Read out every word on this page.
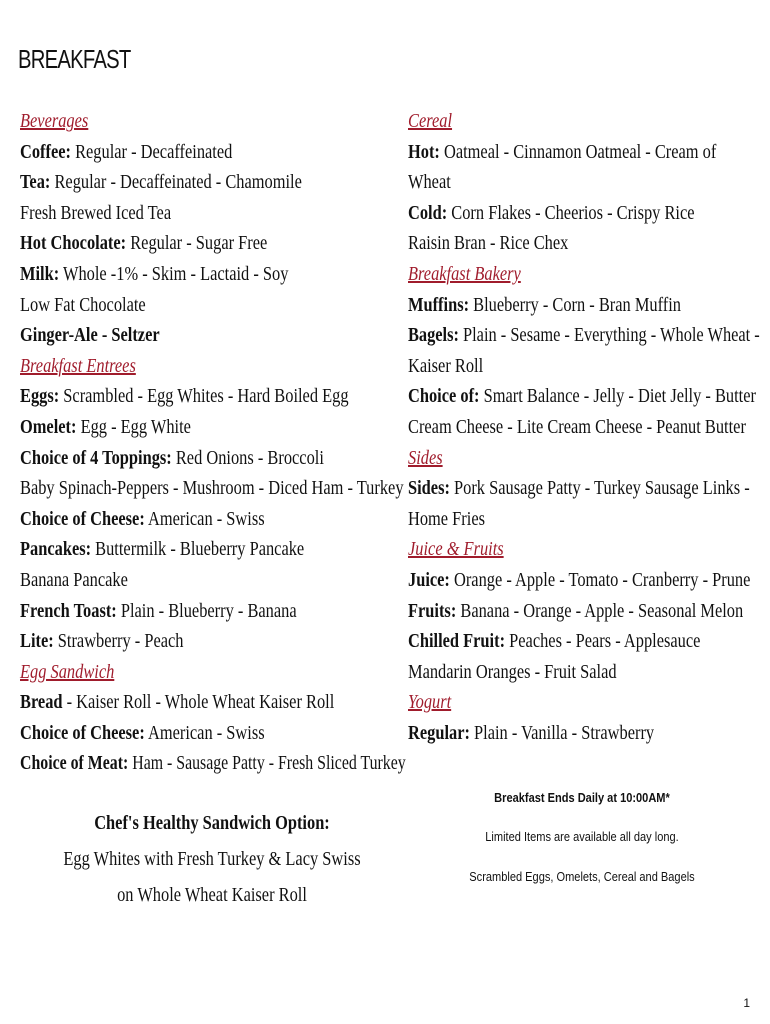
BREAKFAST
Beverages
Coffee: Regular - Decaffeinated
Tea: Regular - Decaffeinated - Chamomile
Fresh Brewed Iced Tea
Hot Chocolate: Regular - Sugar Free
Milk: Whole -1% - Skim - Lactaid - Soy
Low Fat Chocolate
Ginger-Ale - Seltzer
Breakfast Entrees
Eggs: Scrambled - Egg Whites - Hard Boiled Egg
Omelet: Egg - Egg White
Choice of 4 Toppings: Red Onions - Broccoli
Baby Spinach-Peppers - Mushroom - Diced Ham - Turkey
Choice of Cheese: American - Swiss
Pancakes: Buttermilk - Blueberry Pancake
Banana Pancake
French Toast: Plain - Blueberry - Banana
Lite: Strawberry - Peach
Egg Sandwich
Bread - Kaiser Roll - Whole Wheat Kaiser Roll
Choice of Cheese: American - Swiss
Choice of Meat: Ham - Sausage Patty - Fresh Sliced Turkey
Cereal
Hot: Oatmeal - Cinnamon Oatmeal - Cream of
Wheat
Cold: Corn Flakes - Cheerios - Crispy Rice
Raisin Bran - Rice Chex
Breakfast Bakery
Muffins: Blueberry - Corn - Bran Muffin
Bagels: Plain - Sesame - Everything - Whole Wheat -
Kaiser Roll
Choice of: Smart Balance - Jelly - Diet Jelly - Butter
Cream Cheese - Lite Cream Cheese - Peanut Butter
Sides
Sides: Pork Sausage Patty - Turkey Sausage Links -
Home Fries
Juice & Fruits
Juice: Orange - Apple - Tomato - Cranberry - Prune
Fruits: Banana - Orange - Apple - Seasonal Melon
Chilled Fruit: Peaches - Pears - Applesauce
Mandarin Oranges - Fruit Salad
Yogurt
Regular: Plain - Vanilla - Strawberry
Breakfast Ends Daily at 10:00AM*
Limited Items are available all day long.
Scrambled Eggs, Omelets, Cereal and Bagels
Chef's Healthy Sandwich Option:
Egg Whites with Fresh Turkey & Lacy Swiss
on Whole Wheat Kaiser Roll
1
